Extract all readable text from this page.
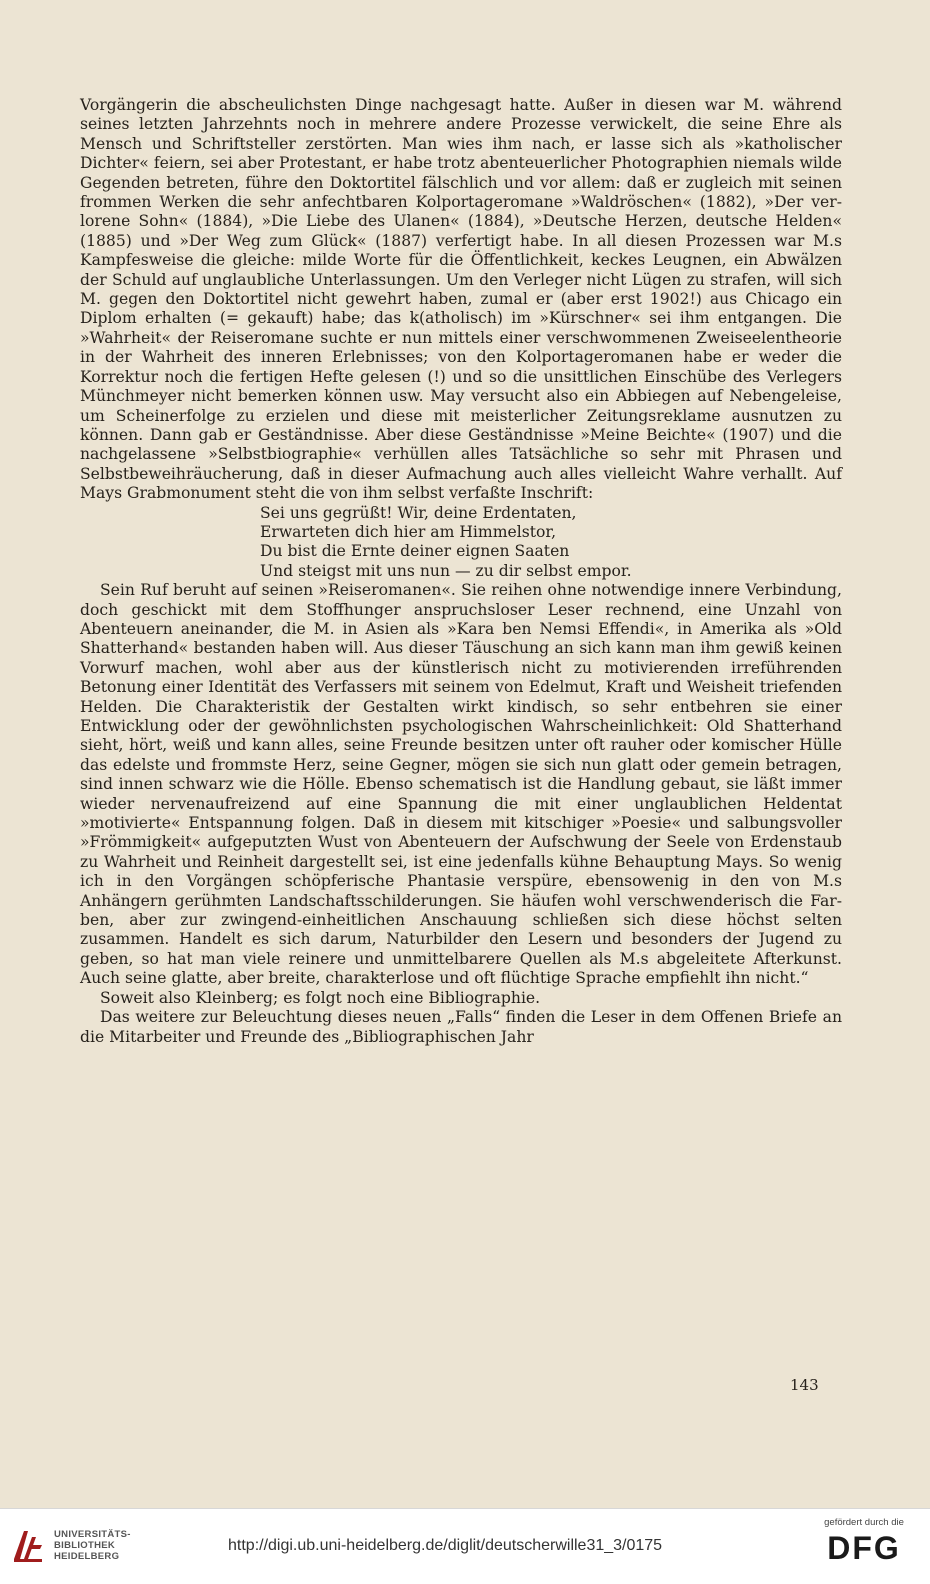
Vorgängerin die abscheulichsten Dinge nachgesagt hatte. Außer in diesen war M. während seines letzten Jahrzehnts noch in mehrere andere Prozesse verwickelt, die seine Ehre als Mensch und Schriftsteller zerstörten. Man wies ihm nach, er lasse sich als »katholischer Dichter« feiern, sei aber Protestant, er habe trotz abenteuerlicher Photographien niemals wilde Gegenden betreten, führe den Doktortitel fälschlich und vor allem: daß er zugleich mit seinen frommen Werken die sehr anfechtbaren Kolportageromane »Waldröschen« (1882), »Der verlorene Sohn« (1884), »Die Liebe des Ulanen« (1884), »Deutsche Herzen, deutsche Helden« (1885) und »Der Weg zum Glück« (1887) verfertigt habe. In all diesen Prozessen war M.s Kampfesweise die gleiche: milde Worte für die Öffentlichkeit, keckes Leugnen, ein Abwälzen der Schuld auf unglaubliche Unterlassungen. Um den Verleger nicht Lügen zu strafen, will sich M. gegen den Doktortitel nicht gewehrt haben, zumal er (aber erst 1902!) aus Chicago ein Diplom erhalten (= gekauft) habe; das k(atholisch) im »Kürschner« sei ihm entgangen. Die »Wahrheit« der Reiseromane suchte er nun mittels einer verschwommenen Zweiseelentheorie in der Wahrheit des inneren Erlebnisses; von den Kolportageromanen habe er weder die Korrektur noch die fertigen Hefte gelesen (!) und so die unsittlichen Einschübe des Verlegers Münchmeyer nicht bemerken können usw. May versucht also ein Abbiegen auf Nebengeleise, um Scheinerfolge zu erzielen und diese mit meisterlicher Zeitungsreklame ausnutzen zu können. Dann gab er Geständnisse. Aber diese Geständnisse »Meine Beichte« (1907) und die nachgelassene »Selbstbiographie« verhüllen alles Tatsächliche so sehr mit Phrasen und Selbstbeweihräucherung, daß in dieser Aufmachung auch alles vielleicht Wahre verhallt. Auf Mays Grabmonument steht die von ihm selbst verfaßte Inschrift:

Sei uns gegrüßt! Wir, deine Erdentaten,
Erwarteten dich hier am Himmelstor,
Du bist die Ernte deiner eignen Saaten
Und steigst mit uns nun — zu dir selbst empor.

Sein Ruf beruht auf seinen »Reiseromanen«. Sie reihen ohne notwendige innere Verbindung, doch geschickt mit dem Stoffhunger anspruchsloser Leser rechnend, eine Unzahl von Abenteuern aneinander, die M. in Asien als »Kara ben Nemsi Effendi«, in Amerika als »Old Shatterhand« bestanden haben will. Aus dieser Täuschung an sich kann man ihm gewiß keinen Vorwurf machen, wohl aber aus der künstlerisch nicht zu motivierenden irreführenden Betonung einer Identität des Verfassers mit seinem von Edelmut, Kraft und Weisheit triefenden Helden. Die Charakteristik der Gestalten wirkt kindisch, so sehr entbehren sie einer Entwicklung oder der gewöhnlichsten psychologischen Wahrscheinlichkeit: Old Shatterhand sieht, hört, weiß und kann alles, seine Freunde besitzen unter oft rauher oder komischer Hülle das edelste und frommste Herz, seine Gegner, mögen sie sich nun glatt oder gemein betragen, sind innen schwarz wie die Hölle. Ebenso schematisch ist die Handlung gebaut, sie läßt immer wieder nervenaufreizend auf eine Spannung die mit einer unglaublichen Heldentat »motivierte« Entspannung folgen. Daß in diesem mit kitschiger »Poesie« und salbungsvoller »Frömmigkeit« aufgeputzten Wust von Abenteuern der Aufschwung der Seele von Erdenstaub zu Wahrheit und Reinheit dargestellt sei, ist eine jedenfalls kühne Behauptung Mays. So wenig ich in den Vorgängen schöpferische Phantasie verspüre, ebensowenig in den von M.s Anhängern gerühmten Landschaftsschilderungen. Sie häufen wohl verschwenderisch die Farben, aber zur zwingend-einheitlichen Anschauung schließen sich diese höchst selten zusammen. Handelt es sich darum, Naturbilder den Lesern und besonders der Jugend zu geben, so hat man viele reinere und unmittelbarere Quellen als M.s abgeleitete Afterkunst. Auch seine glatte, aber breite, charakterlose und oft flüchtige Sprache empfiehlt ihn nicht.“

Soweit also Kleinberg; es folgt noch eine Bibliographie.

Das weitere zur Beleuchtung dieses neuen „Falls“ finden die Leser in dem Offenen Briefe an die Mitarbeiter und Freunde des „Bibliographischen Jahr

143
UNIVERSITÄTS-
BIBLIOTHEK
HEIDELBERG
http://digi.ub.uni-heidelberg.de/diglit/deutscherwille31_3/0175
gefördert durch die
DFG
